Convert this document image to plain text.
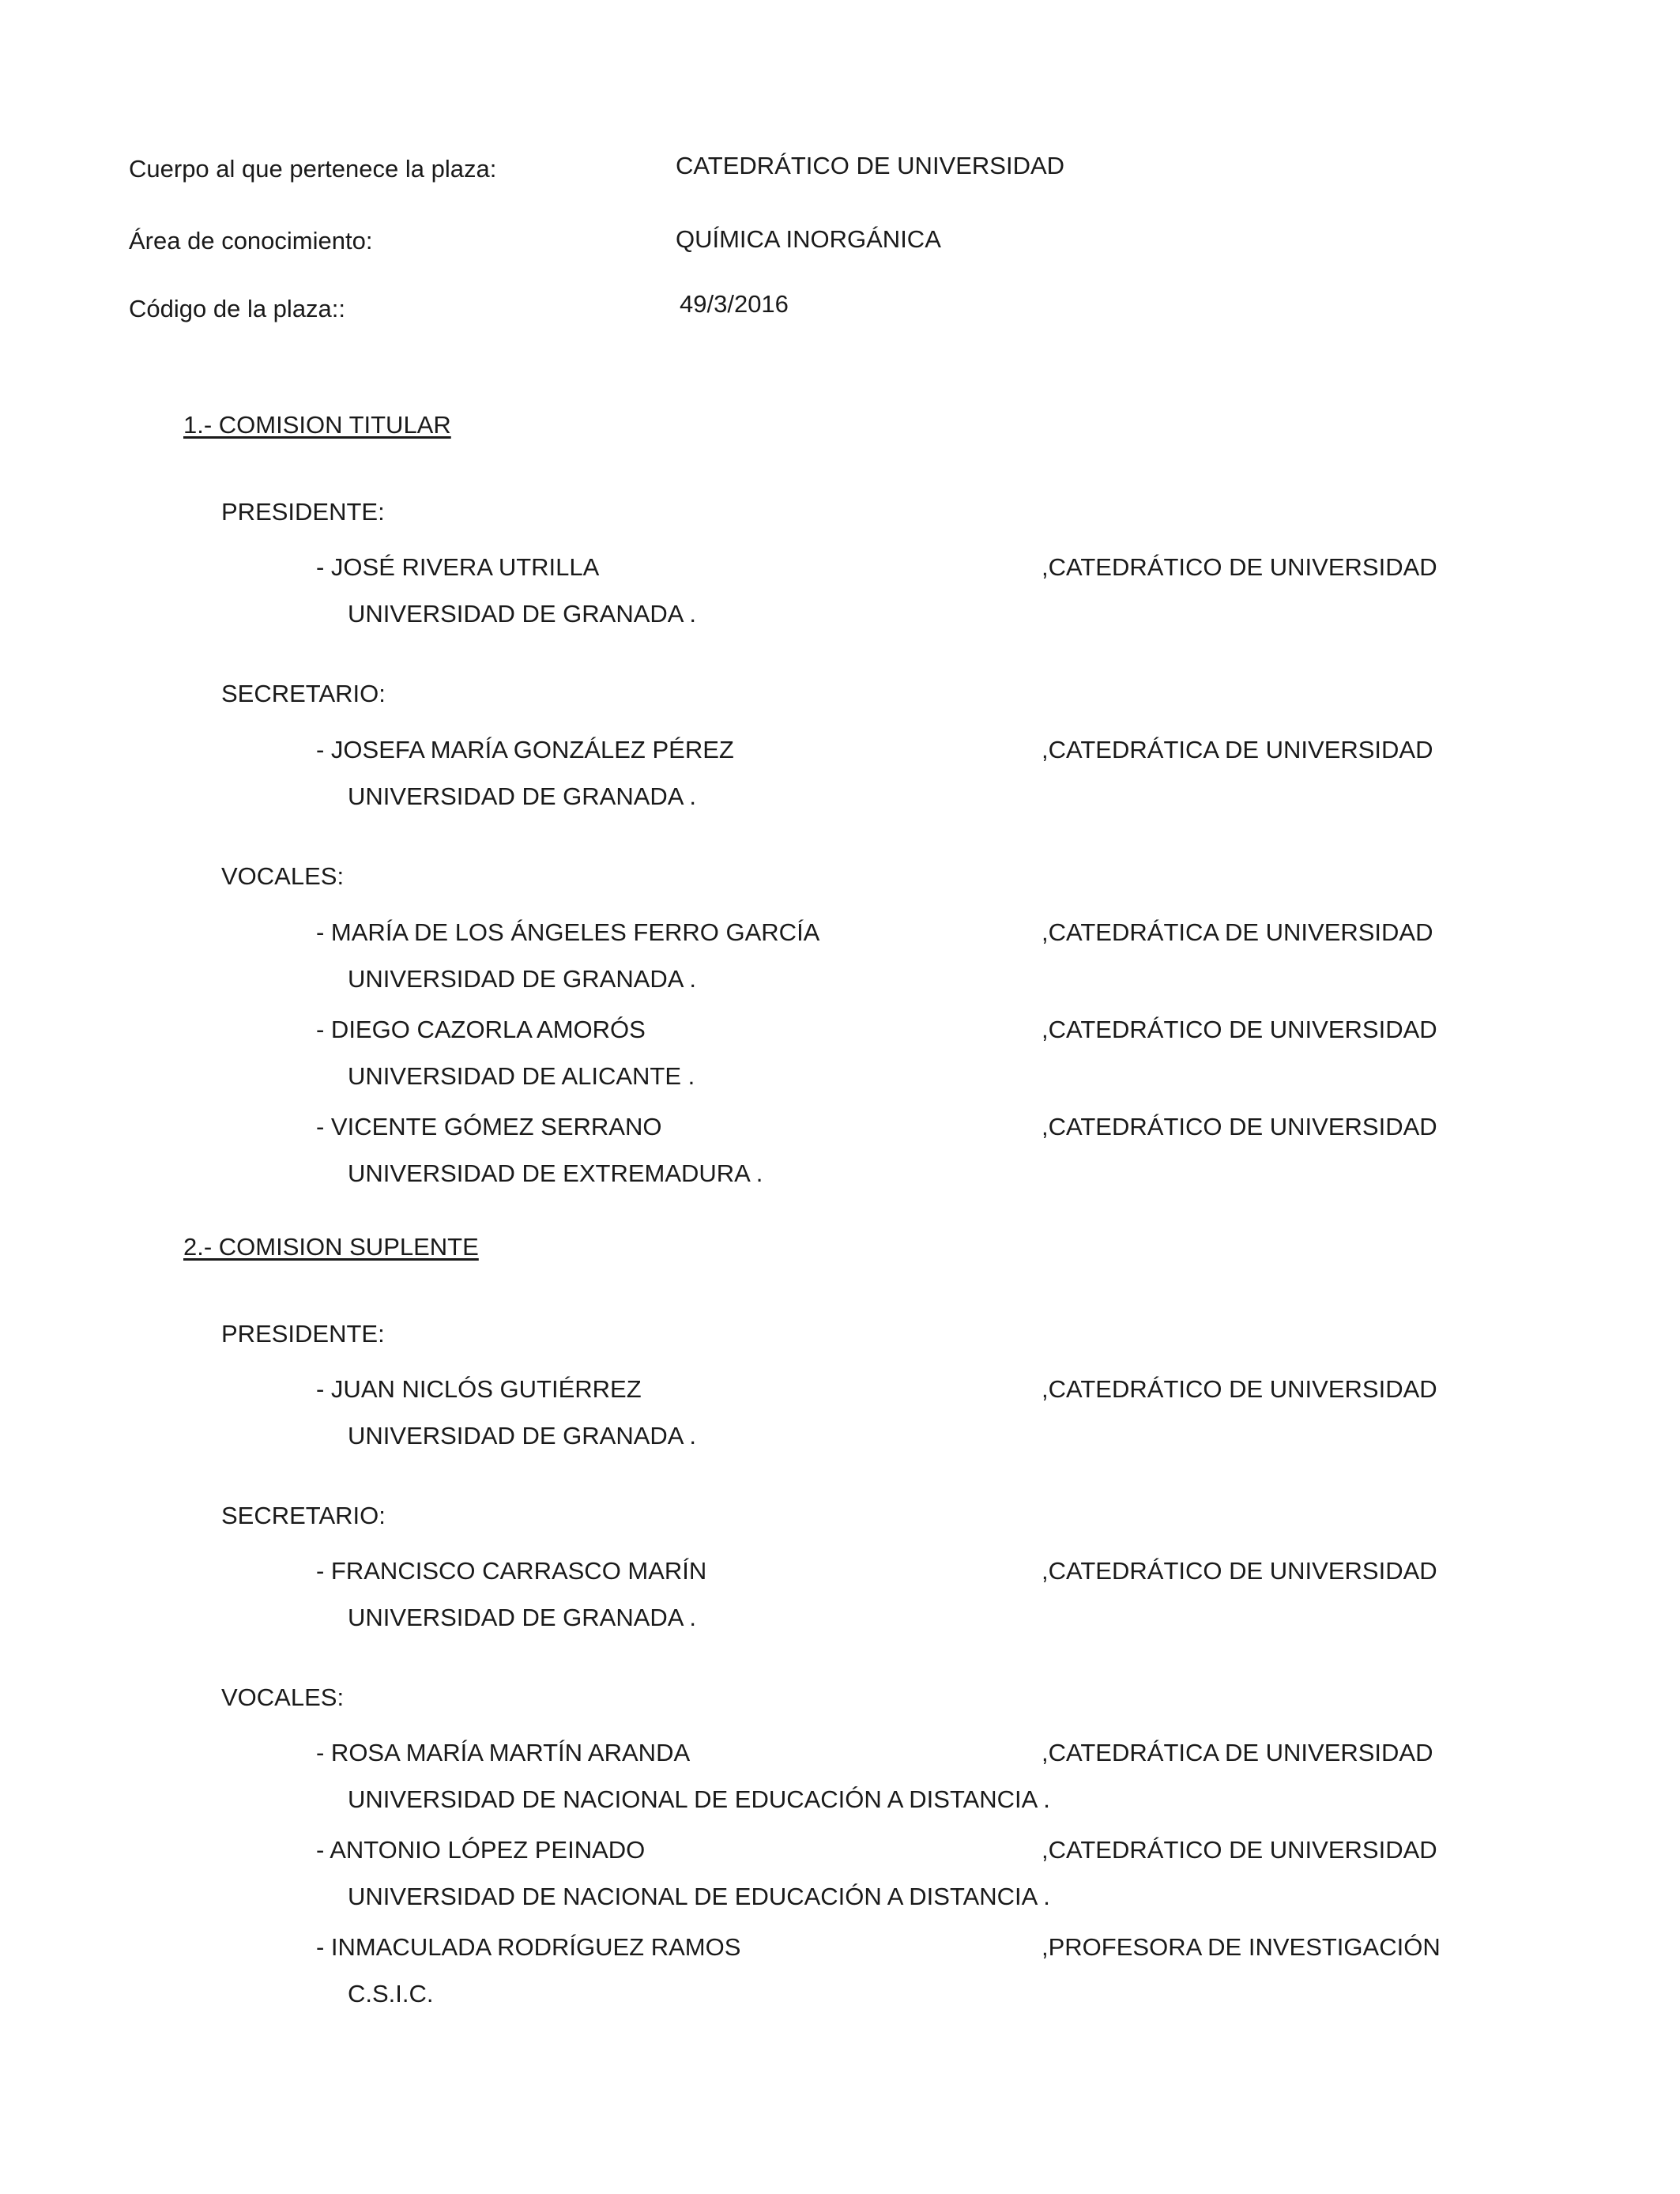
Cuerpo al que pertenece la plaza:	CATEDRÁTICO DE UNIVERSIDAD
Área de conocimiento:	QUÍMICA INORGÁNICA
Código de la plaza::	49/3/2016
1.- COMISION TITULAR
PRESIDENTE:
- JOSÉ RIVERA UTRILLA	,CATEDRÁTICO DE UNIVERSIDAD
UNIVERSIDAD DE GRANADA .
SECRETARIO:
- JOSEFA MARÍA GONZÁLEZ PÉREZ	,CATEDRÁTICA DE UNIVERSIDAD
UNIVERSIDAD DE GRANADA .
VOCALES:
- MARÍA DE LOS ÁNGELES FERRO GARCÍA	,CATEDRÁTICA DE UNIVERSIDAD
UNIVERSIDAD DE GRANADA .
- DIEGO CAZORLA AMORÓS	,CATEDRÁTICO DE UNIVERSIDAD
UNIVERSIDAD DE ALICANTE .
- VICENTE GÓMEZ SERRANO	,CATEDRÁTICO DE UNIVERSIDAD
UNIVERSIDAD DE EXTREMADURA .
2.- COMISION SUPLENTE
PRESIDENTE:
- JUAN NICLÓS GUTIÉRREZ	,CATEDRÁTICO DE UNIVERSIDAD
UNIVERSIDAD DE GRANADA .
SECRETARIO:
- FRANCISCO CARRASCO MARÍN	,CATEDRÁTICO DE UNIVERSIDAD
UNIVERSIDAD DE GRANADA .
VOCALES:
- ROSA MARÍA MARTÍN ARANDA	,CATEDRÁTICA DE UNIVERSIDAD
UNIVERSIDAD DE NACIONAL DE EDUCACIÓN A DISTANCIA .
- ANTONIO LÓPEZ PEINADO	,CATEDRÁTICO DE UNIVERSIDAD
UNIVERSIDAD DE NACIONAL DE EDUCACIÓN A DISTANCIA .
- INMACULADA RODRÍGUEZ RAMOS	,PROFESORA DE INVESTIGACIÓN
C.S.I.C.
